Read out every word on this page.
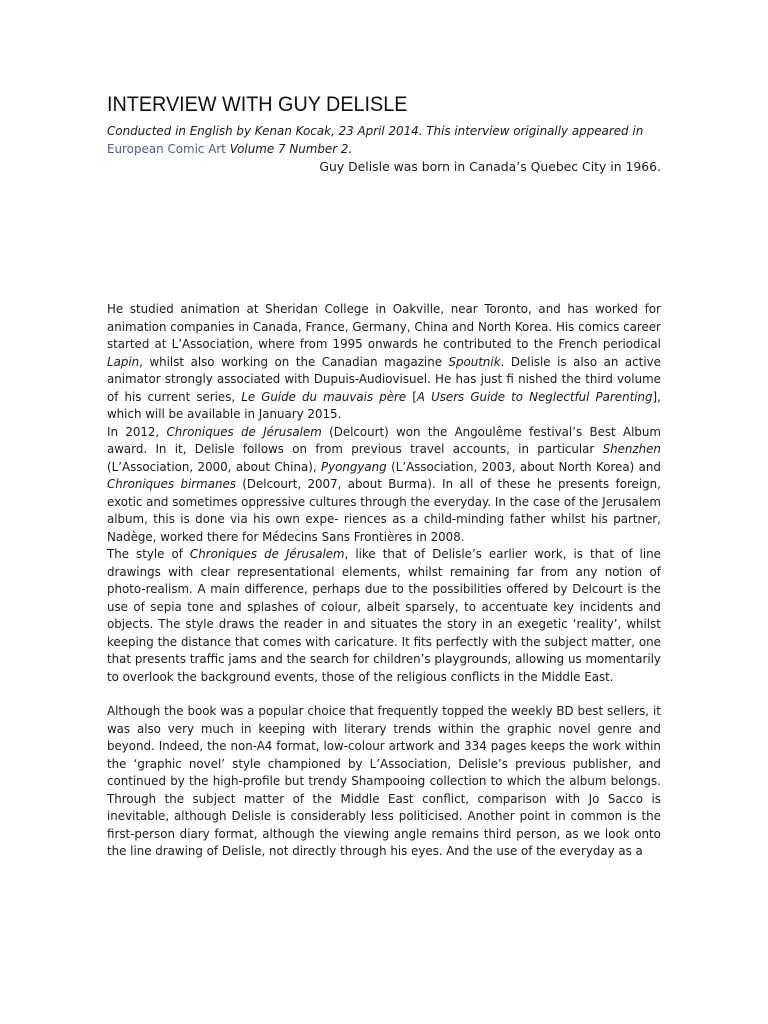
INTERVIEW WITH GUY DELISLE

Conducted in English by Kenan Kocak, 23 April 2014. This interview originally appeared in European Comic Art Volume 7 Number 2.

Guy Delisle was born in Canada’s Quebec City in 1966.

He studied animation at Sheridan College in Oakville, near Toronto, and has worked for animation companies in Canada, France, Germany, China and North Korea. His comics career started at L’Association, where from 1995 onwards he contributed to the French periodical Lapin, whilst also working on the Canadian magazine Spoutnik. Delisle is also an active animator strongly associated with Dupuis-Audiovisuel. He has just fi nished the third volume of his current series, Le Guide du mauvais père [A Users Guide to Neglectful Parenting], which will be available in January 2015.

In 2012, Chroniques de Jérusalem (Delcourt) won the Angoulême festival’s Best Album award. In it, Delisle follows on from previous travel accounts, in particular Shenzhen (L’Association, 2000, about China), Pyongyang (L’Association, 2003, about North Korea) and Chroniques birmanes (Delcourt, 2007, about Burma). In all of these he presents foreign, exotic and sometimes oppressive cultures through the everyday. In the case of the Jerusalem album, this is done via his own expe- riences as a child-minding father whilst his partner, Nadège, worked there for Médecins Sans Frontières in 2008.

The style of Chroniques de Jérusalem, like that of Delisle’s earlier work, is that of line drawings with clear representational elements, whilst remaining far from any notion of photo-realism. A main difference, perhaps due to the possibilities offered by Delcourt is the use of sepia tone and splashes of colour, albeit sparsely, to accentuate key incidents and objects. The style draws the reader in and situates the story in an exegetic ‘reality’, whilst keeping the distance that comes with caricature. It fits perfectly with the subject matter, one that presents traffic jams and the search for children’s playgrounds, allowing us momentarily to overlook the background events, those of the religious conflicts in the Middle East.

Although the book was a popular choice that frequently topped the weekly BD best sellers, it was also very much in keeping with literary trends within the graphic novel genre and beyond. Indeed, the non-A4 format, low-colour artwork and 334 pages keeps the work within the ‘graphic novel’ style championed by L’Association, Delisle’s previous publisher, and continued by the high-profile but trendy Shampooing collection to which the album belongs. Through the subject matter of the Middle East conflict, comparison with Jo Sacco is inevitable, although Delisle is considerably less politicised. Another point in common is the first-person diary format, although the viewing angle remains third person, as we look onto the line drawing of Delisle, not directly through his eyes. And the use of the everyday as a
